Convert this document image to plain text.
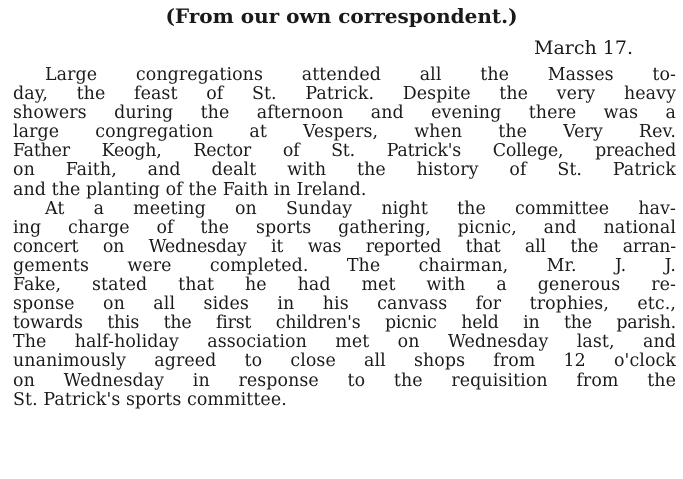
(From our own correspondent.)
March 17.
Large congregations attended all the Masses to-
day, the feast of St. Patrick. Despite the very heavy
showers during the afternoon and evening there was a
large congregation at Vespers, when the Very Rev.
Father Keogh, Rector of St. Patrick's College, preached
on Faith, and dealt with the history of St. Patrick
and the planting of the Faith in Ireland.
At a meeting on Sunday night the committee hav-
ing charge of the sports gathering, picnic, and national
concert on Wednesday it was reported that all the arran-
gements were completed. The chairman, Mr. J. J.
Fake, stated that he had met with a generous re-
sponse on all sides in his canvass for trophies, etc.,
towards this the first children's picnic held in the parish.
The half-holiday association met on Wednesday last, and
unanimously agreed to close all shops from 12 o'clock
on Wednesday in response to the requisition from the
St. Patrick's sports committee.
